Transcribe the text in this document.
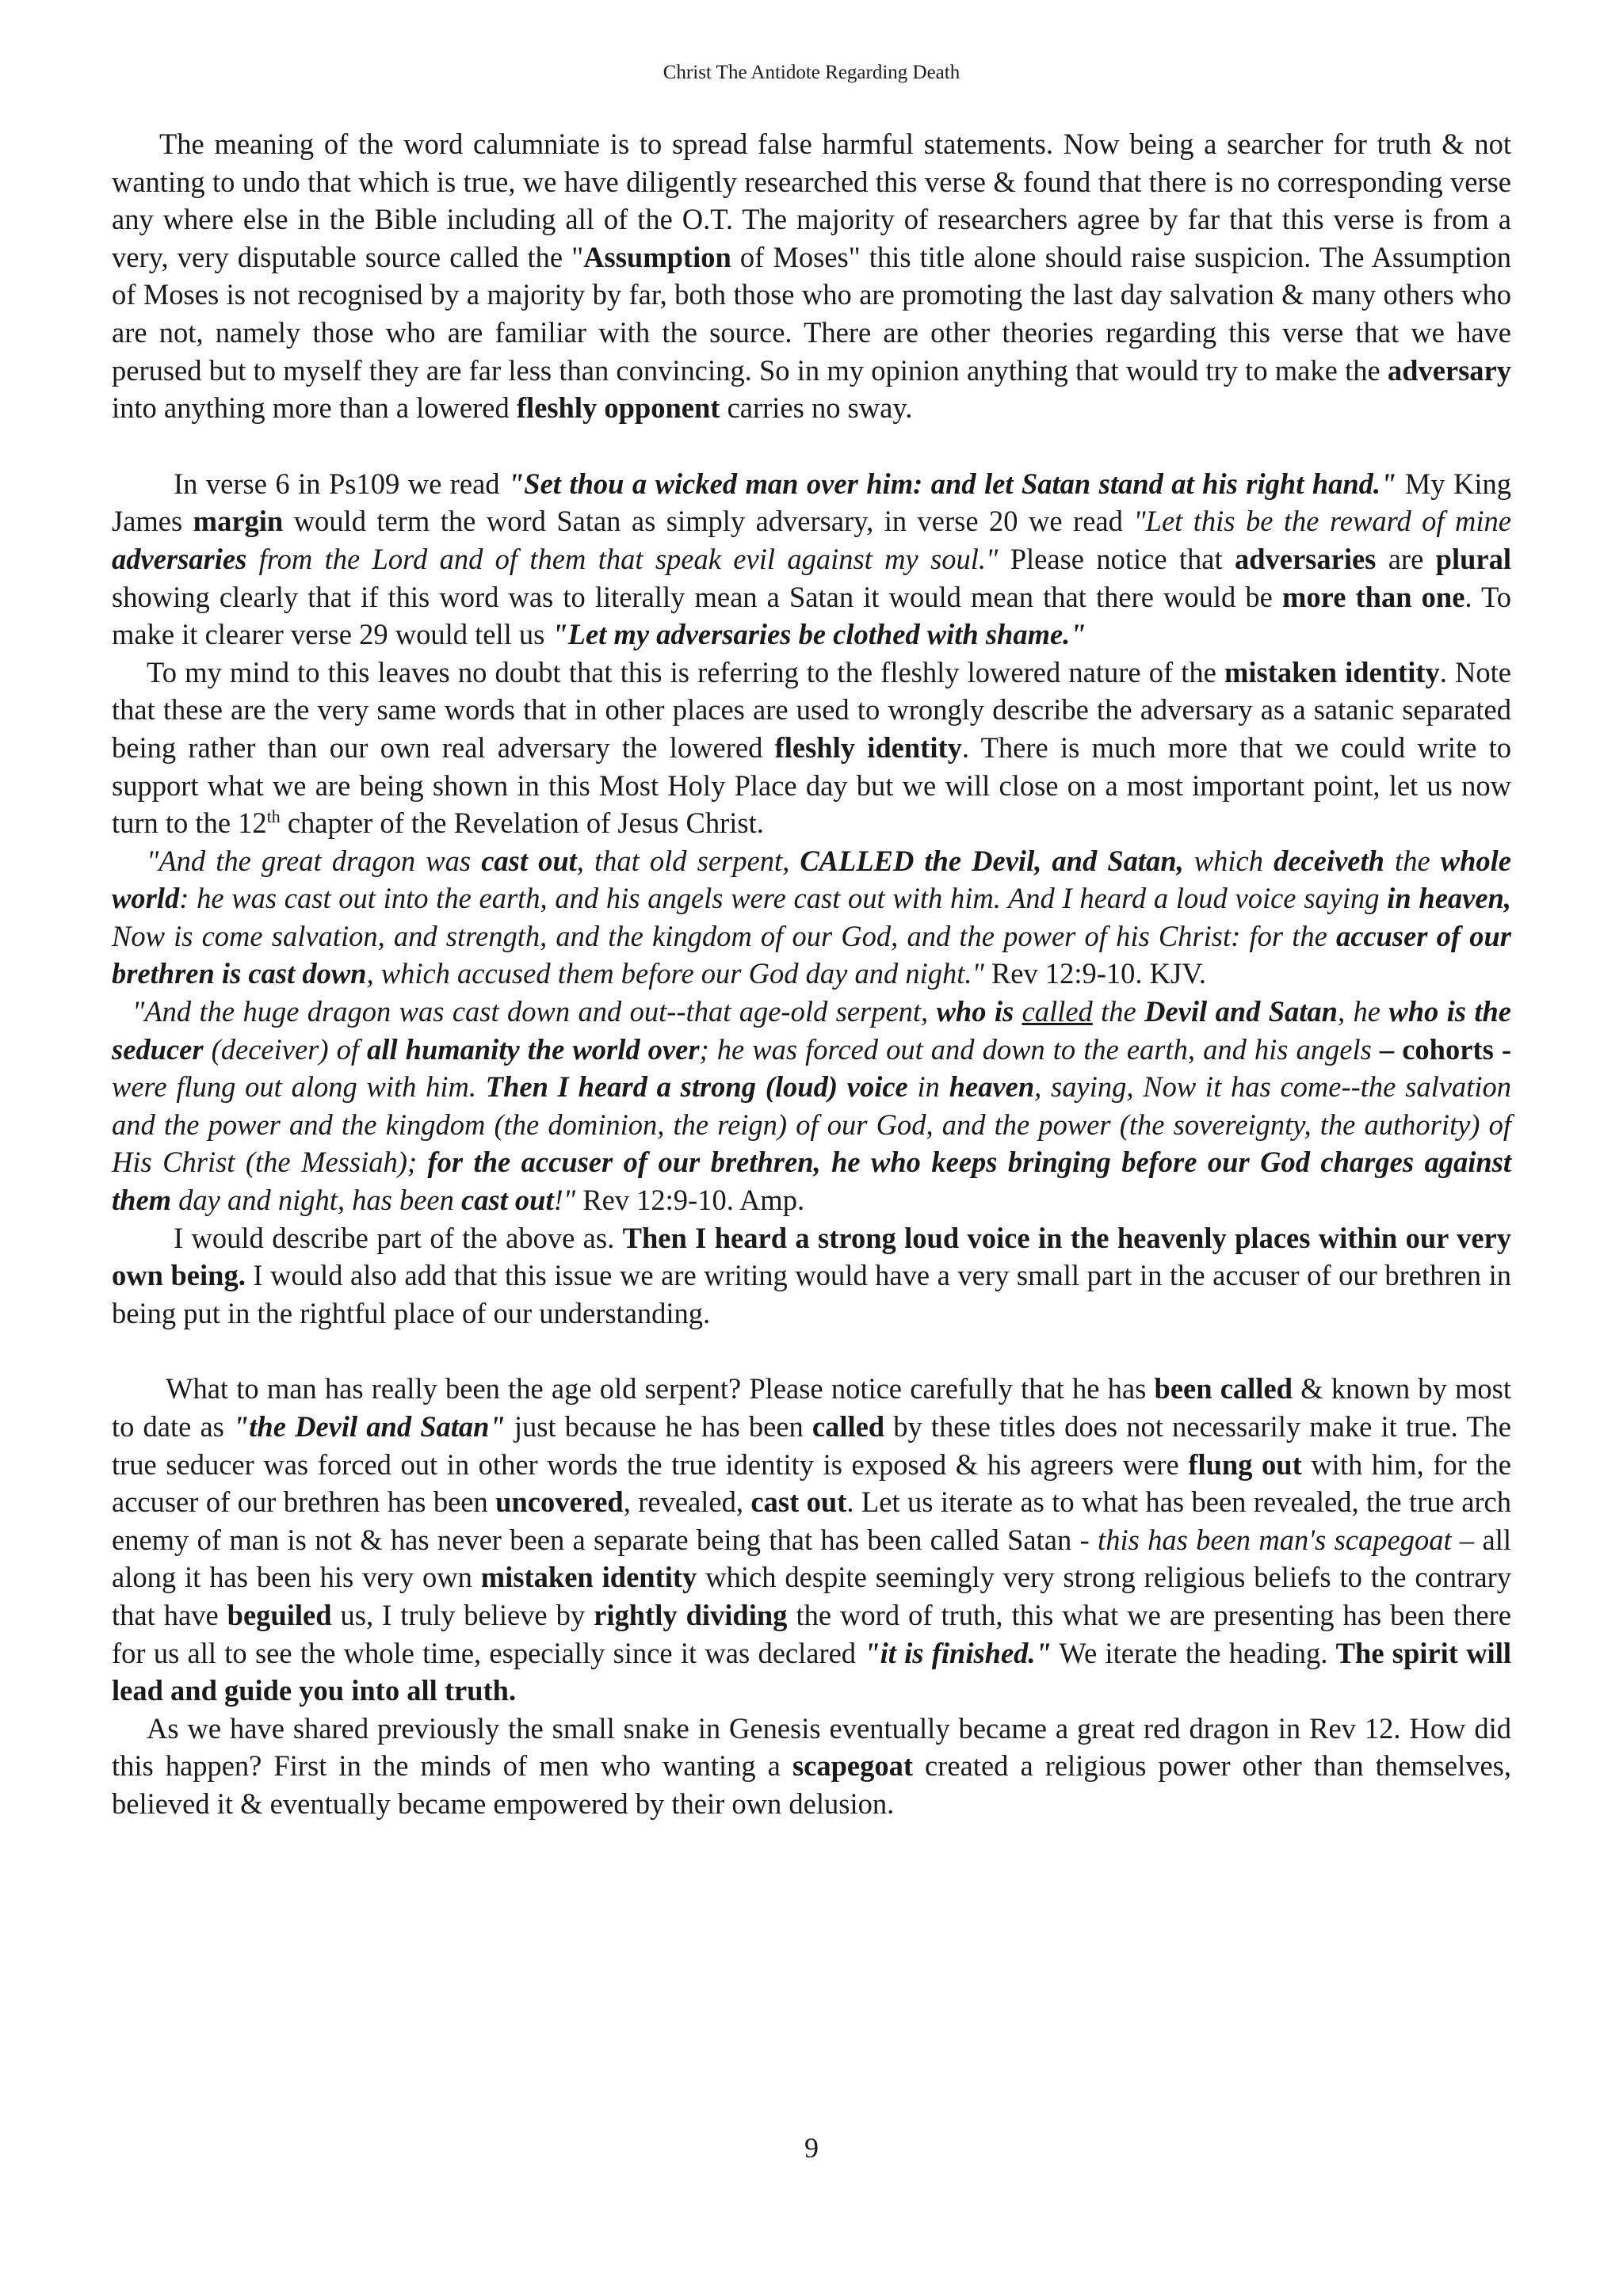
Christ The Antidote Regarding Death

The meaning of the word calumniate is to spread false harmful statements. Now being a searcher for truth & not wanting to undo that which is true, we have diligently researched this verse & found that there is no corresponding verse any where else in the Bible including all of the O.T. The majority of researchers agree by far that this verse is from a very, very disputable source called the "Assumption of Moses" this title alone should raise suspicion. The Assumption of Moses is not recognised by a majority by far, both those who are promoting the last day salvation & many others who are not, namely those who are familiar with the source. There are other theories regarding this verse that we have perused but to myself they are far less than convincing. So in my opinion anything that would try to make the adversary into anything more than a lowered fleshly opponent carries no sway.

In verse 6 in Ps109 we read "Set thou a wicked man over him: and let Satan stand at his right hand." My King James margin would term the word Satan as simply adversary, in verse 20 we read "Let this be the reward of mine adversaries from the Lord and of them that speak evil against my soul." Please notice that adversaries are plural showing clearly that if this word was to literally mean a Satan it would mean that there would be more than one. To make it clearer verse 29 would tell us "Let my adversaries be clothed with shame."

To my mind to this leaves no doubt that this is referring to the fleshly lowered nature of the mistaken identity. Note that these are the very same words that in other places are used to wrongly describe the adversary as a satanic separated being rather than our own real adversary the lowered fleshly identity. There is much more that we could write to support what we are being shown in this Most Holy Place day but we will close on a most important point, let us now turn to the 12th chapter of the Revelation of Jesus Christ.

"And the great dragon was cast out, that old serpent, CALLED the Devil, and Satan, which deceiveth the whole world: he was cast out into the earth, and his angels were cast out with him. And I heard a loud voice saying in heaven, Now is come salvation, and strength, and the kingdom of our God, and the power of his Christ: for the accuser of our brethren is cast down, which accused them before our God day and night." Rev 12:9-10. KJV.

"And the huge dragon was cast down and out--that age-old serpent, who is called the Devil and Satan, he who is the seducer (deceiver) of all humanity the world over; he was forced out and down to the earth, and his angels – cohorts - were flung out along with him. Then I heard a strong (loud) voice in heaven, saying, Now it has come--the salvation and the power and the kingdom (the dominion, the reign) of our God, and the power (the sovereignty, the authority) of His Christ (the Messiah); for the accuser of our brethren, he who keeps bringing before our God charges against them day and night, has been cast out!" Rev 12:9-10. Amp.

I would describe part of the above as. Then I heard a strong loud voice in the heavenly places within our very own being. I would also add that this issue we are writing would have a very small part in the accuser of our brethren in being put in the rightful place of our understanding.

What to man has really been the age old serpent? Please notice carefully that he has been called & known by most to date as "the Devil and Satan" just because he has been called by these titles does not necessarily make it true. The true seducer was forced out in other words the true identity is exposed & his agreers were flung out with him, for the accuser of our brethren has been uncovered, revealed, cast out. Let us iterate as to what has been revealed, the true arch enemy of man is not & has never been a separate being that has been called Satan - this has been man's scapegoat – all along it has been his very own mistaken identity which despite seemingly very strong religious beliefs to the contrary that have beguiled us, I truly believe by rightly dividing the word of truth, this what we are presenting has been there for us all to see the whole time, especially since it was declared "it is finished." We iterate the heading. The spirit will lead and guide you into all truth.

As we have shared previously the small snake in Genesis eventually became a great red dragon in Rev 12. How did this happen? First in the minds of men who wanting a scapegoat created a religious power other than themselves, believed it & eventually became empowered by their own delusion.

9
